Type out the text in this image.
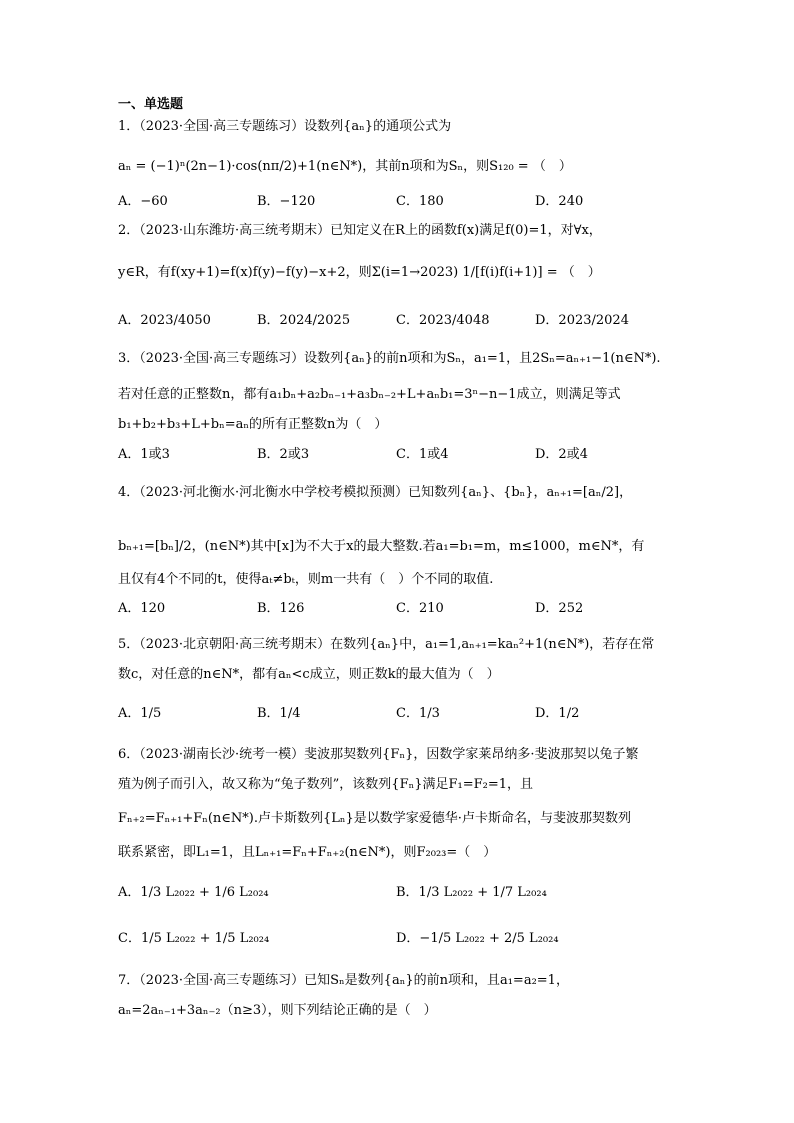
一、单选题
1．（2023·全国·高三专题练习）设数列{aₙ}的通项公式为
aₙ = (−1)ⁿ(2n−1)·cos(nπ/2)+1(n∈N*)，其前n项和为Sₙ，则S₁₂₀ = （　）
A．−60	B．−120	C．180	D．240
2．（2023·山东潍坊·高三统考期末）已知定义在R上的函数f(x)满足f(0)=1，对∀x，
y∈R，有f(xy+1)=f(x)f(y)−f(y)−x+2，则Σ(i=1→2023) 1/[f(i)f(i+1)] = （　）
A．2023/4050	B．2024/2025	C．2023/4048	D．2023/2024
3．（2023·全国·高三专题练习）设数列{aₙ}的前n项和为Sₙ，a₁=1，且2Sₙ=aₙ₊₁−1(n∈N*).
若对任意的正整数n，都有a₁bₙ+a₂bₙ₋₁+a₃bₙ₋₂+L+aₙb₁=3ⁿ−n−1成立，则满足等式
b₁+b₂+b₃+L+bₙ=aₙ的所有正整数n为（　）
A．1或3	B．2或3	C．1或4	D．2或4
4．（2023·河北衡水·河北衡水中学校考模拟预测）已知数列{aₙ}、{bₙ}，aₙ₊₁=[aₙ/2]，
bₙ₊₁=[bₙ]/2，(n∈N*)其中[x]为不大于x的最大整数.若a₁=b₁=m，m≤1000，m∈N*，有
且仅有4个不同的t，使得aₜ≠bₜ，则m一共有（　）个不同的取值.
A．120	B．126	C．210	D．252
5．（2023·北京朝阳·高三统考期末）在数列{aₙ}中，a₁=1,aₙ₊₁=kaₙ²+1(n∈N*)，若存在常
数c，对任意的n∈N*，都有aₙ<c成立，则正数k的最大值为（　）
A．1/5	B．1/4	C．1/3	D．1/2
6．（2023·湖南长沙·统考一模）斐波那契数列{Fₙ}，因数学家莱昂纳多·斐波那契以兔子繁
殖为例子而引入，故又称为“兔子数列”，该数列{Fₙ}满足F₁=F₂=1，且
Fₙ₊₂=Fₙ₊₁+Fₙ(n∈N*).卢卡斯数列{Lₙ}是以数学家爱德华·卢卡斯命名，与斐波那契数列
联系紧密，即L₁=1，且Lₙ₊₁=Fₙ+Fₙ₊₂(n∈N*)，则F₂₀₂₃=（　）
A．1/3 L₂₀₂₂ + 1/6 L₂₀₂₄	B．1/3 L₂₀₂₂ + 1/7 L₂₀₂₄
C．1/5 L₂₀₂₂ + 1/5 L₂₀₂₄	D．−1/5 L₂₀₂₂ + 2/5 L₂₀₂₄
7．（2023·全国·高三专题练习）已知Sₙ是数列{aₙ}的前n项和，且a₁=a₂=1，
aₙ=2aₙ₋₁+3aₙ₋₂（n≥3），则下列结论正确的是（　）
